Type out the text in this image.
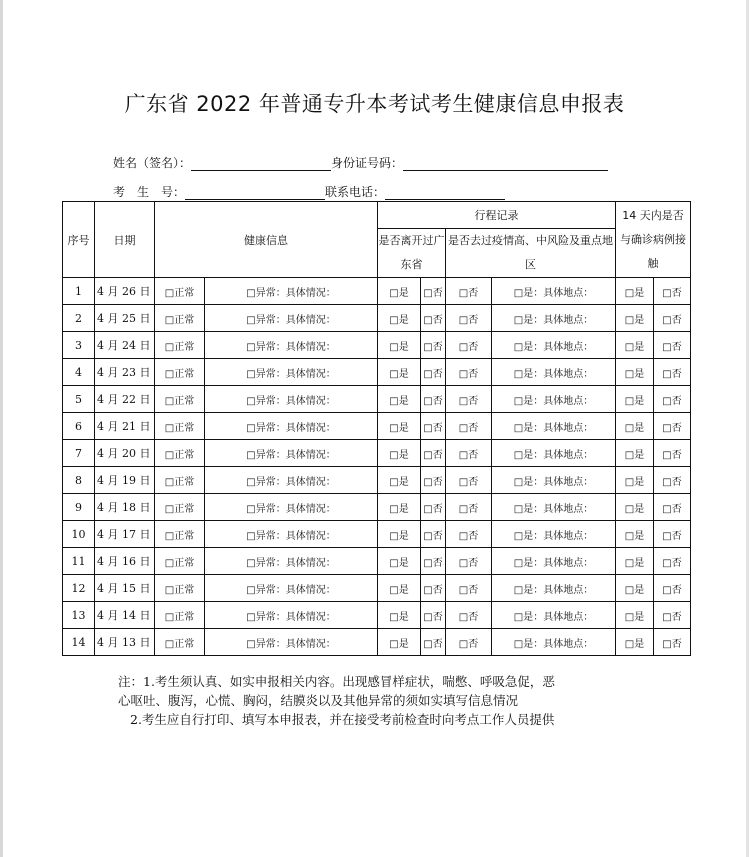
广东省 2022 年普通专升本考试考生健康信息申报表
姓名（签名）：	身份证号码：
考　生　号：	联系电话：
序号	日期	健康信息		行程记录				14 天内是否与确诊病例接触	
				是否离开过广东省		是否去过疫情高、中风险及重点地区			

1	4 月 26 日	□正常	□异常：具体情况：	□是	□否	□否	□是：具体地点：	□是	□否
2	4 月 25 日	□正常	□异常：具体情况：	□是	□否	□否	□是：具体地点：	□是	□否
3	4 月 24 日	□正常	□异常：具体情况：	□是	□否	□否	□是：具体地点：	□是	□否
4	4 月 23 日	□正常	□异常：具体情况：	□是	□否	□否	□是：具体地点：	□是	□否
5	4 月 22 日	□正常	□异常：具体情况：	□是	□否	□否	□是：具体地点：	□是	□否
6	4 月 21 日	□正常	□异常：具体情况：	□是	□否	□否	□是：具体地点：	□是	□否
7	4 月 20 日	□正常	□异常：具体情况：	□是	□否	□否	□是：具体地点：	□是	□否
8	4 月 19 日	□正常	□异常：具体情况：	□是	□否	□否	□是：具体地点：	□是	□否
9	4 月 18 日	□正常	□异常：具体情况：	□是	□否	□否	□是：具体地点：	□是	□否
10	4 月 17 日	□正常	□异常：具体情况：	□是	□否	□否	□是：具体地点：	□是	□否
11	4 月 16 日	□正常	□异常：具体情况：	□是	□否	□否	□是：具体地点：	□是	□否
12	4 月 15 日	□正常	□异常：具体情况：	□是	□否	□否	□是：具体地点：	□是	□否
13	4 月 14 日	□正常	□异常：具体情况：	□是	□否	□否	□是：具体地点：	□是	□否
14	4 月 13 日	□正常	□异常：具体情况：	□是	□否	□否	□是：具体地点：	□是	□否
注：1.考生须认真、如实申报相关内容。出现感冒样症状，喘憋、呼吸急促，恶
心呕吐、腹泻，心慌、胸闷，结膜炎以及其他异常的须如实填写信息情况
2.考生应自行打印、填写本申报表，并在接受考前检查时向考点工作人员提供
